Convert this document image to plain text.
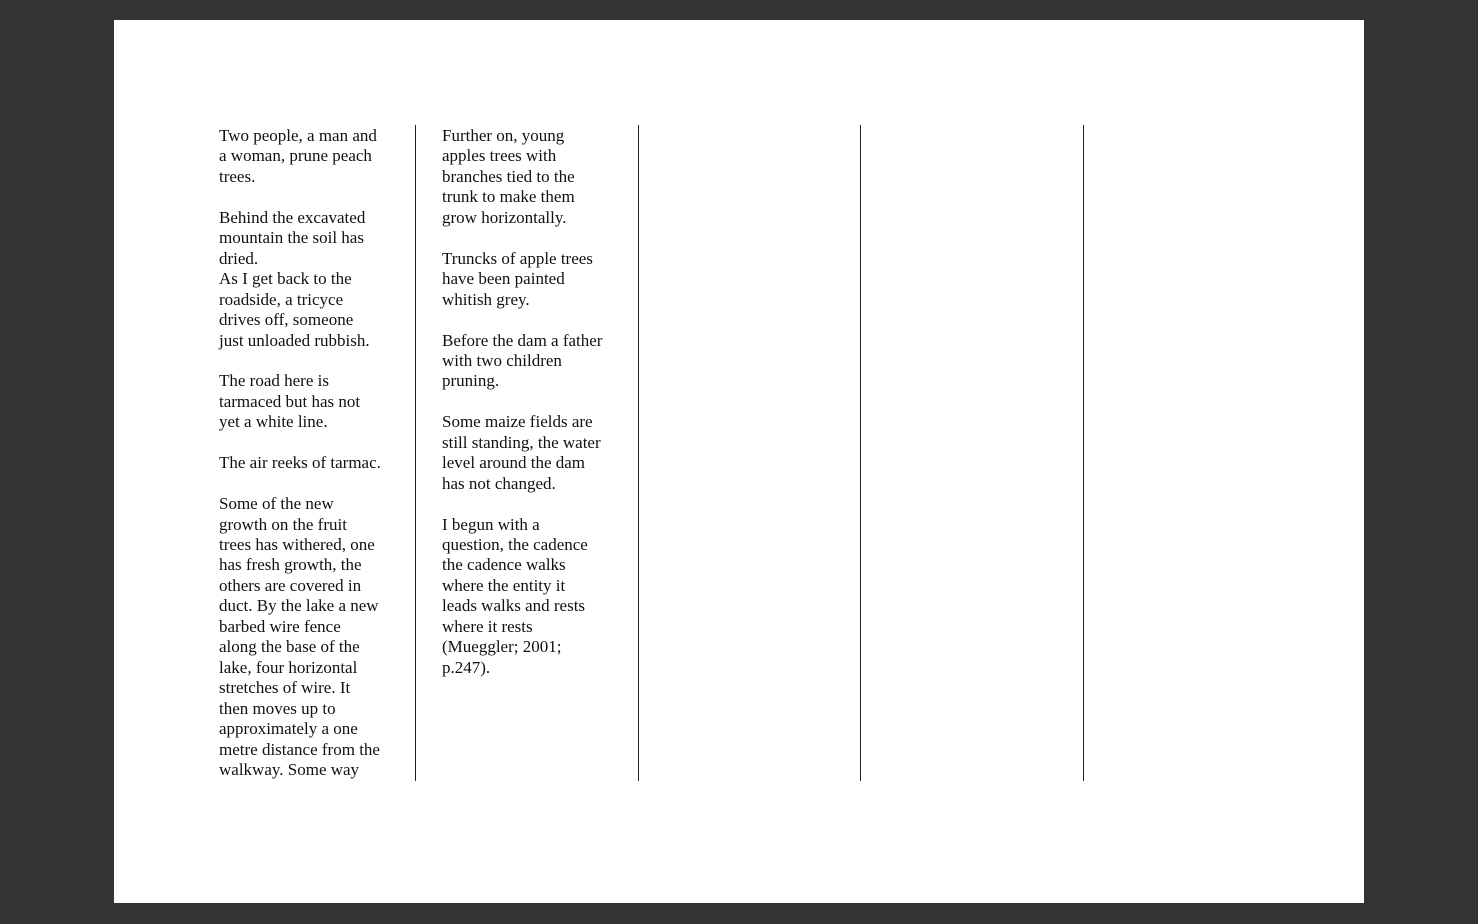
Two people, a man and
a woman, prune peach
trees.

Behind the excavated
mountain the soil has
dried.

As I get back to the
roadside, a tricyce
drives off, someone
just unloaded rubbish.

The road here is
tarmaced but has not
yet a white line.

The air reeks of tarmac.

Some of the new
growth on the fruit
trees has withered, one
has fresh growth, the
others are covered in
duct. By the lake a new
barbed wire fence
along the base of the
lake, four horizontal
stretches of wire. It
then moves up to
approximately a one
metre distance from the
walkway. Some way

Further on, young
apples trees with
branches tied to the
trunk to make them
grow horizontally.

Truncks of apple trees
have been painted
whitish grey.

Before the dam a father
with two children
pruning.

Some maize fields are
still standing, the water
level around the dam
has not changed.

I begun with a
question, the cadence
the cadence walks
where the entity it
leads walks and rests
where it rests
(Mueggler; 2001;
p.247).
